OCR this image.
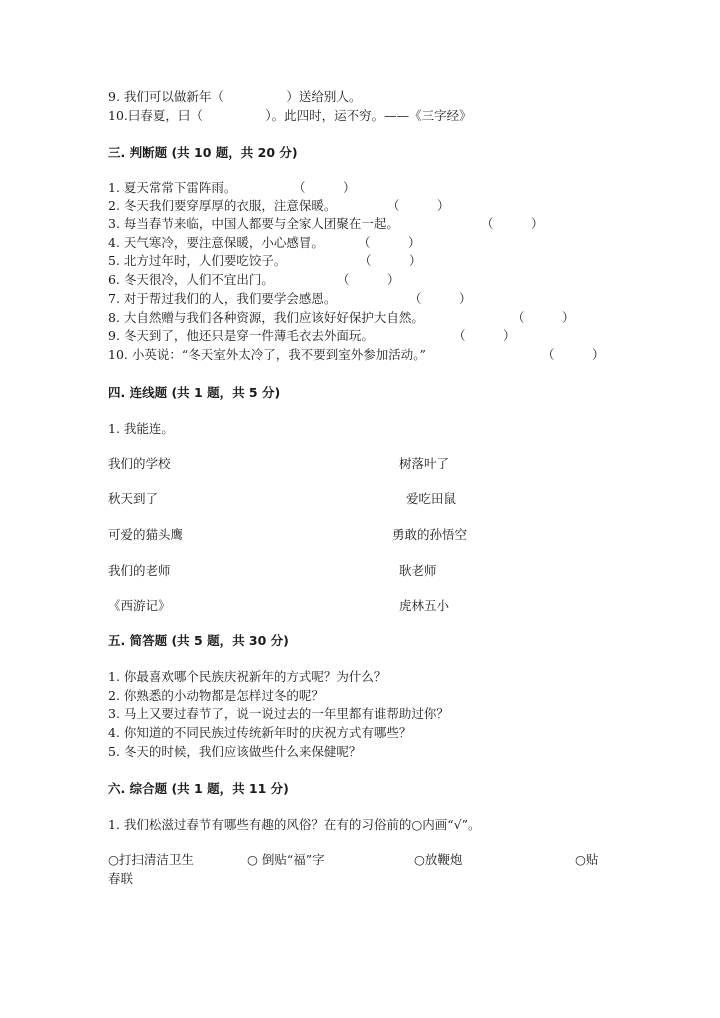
9. 我们可以做新年（　　　　　）送给别人。
10.曰春夏，曰（　　　　　）。此四时，运不穷。——《三字经》
三. 判断题 (共 10 题，共 20 分)
1. 夏天常常下雷阵雨。	（　　　）
2. 冬天我们要穿厚厚的衣服，注意保暖。	（　　　）
3. 每当春节来临，中国人都要与全家人团聚在一起。	（　　　）
4. 天气寒冷，要注意保暖，小心感冒。	（　　　）
5. 北方过年时，人们要吃饺子。	（　　　）
6. 冬天很冷，人们不宜出门。	（　　　）
7. 对于帮过我们的人，我们要学会感恩。	（　　　）
8. 大自然赠与我们各种资源，我们应该好好保护大自然。	（　　　）
9. 冬天到了，他还只是穿一件薄毛衣去外面玩。	（　　　）
10. 小英说：“冬天室外太冷了，我不要到室外参加活动。”	（　　　）
四. 连线题 (共 1 题，共 5 分)
1. 我能连。
我们的学校	树落叶了
秋天到了	爱吃田鼠
可爱的猫头鹰	勇敢的孙悟空
我们的老师	耿老师
《西游记》	虎林五小
五. 简答题 (共 5 题，共 30 分)
1. 你最喜欢哪个民族庆祝新年的方式呢？为什么？
2. 你熟悉的小动物都是怎样过冬的呢？
3. 马上又要过春节了，说一说过去的一年里都有谁帮助过你？
4. 你知道的不同民族过传统新年时的庆祝方式有哪些？
5. 冬天的时候，我们应该做些什么来保健呢？
六. 综合题 (共 1 题，共 11 分)
1. 我们松滋过春节有哪些有趣的风俗？在有的习俗前的○内画“√”。
○打扫清洁卫生	○ 倒贴“福”字	○放鞭炮	○贴
春联
